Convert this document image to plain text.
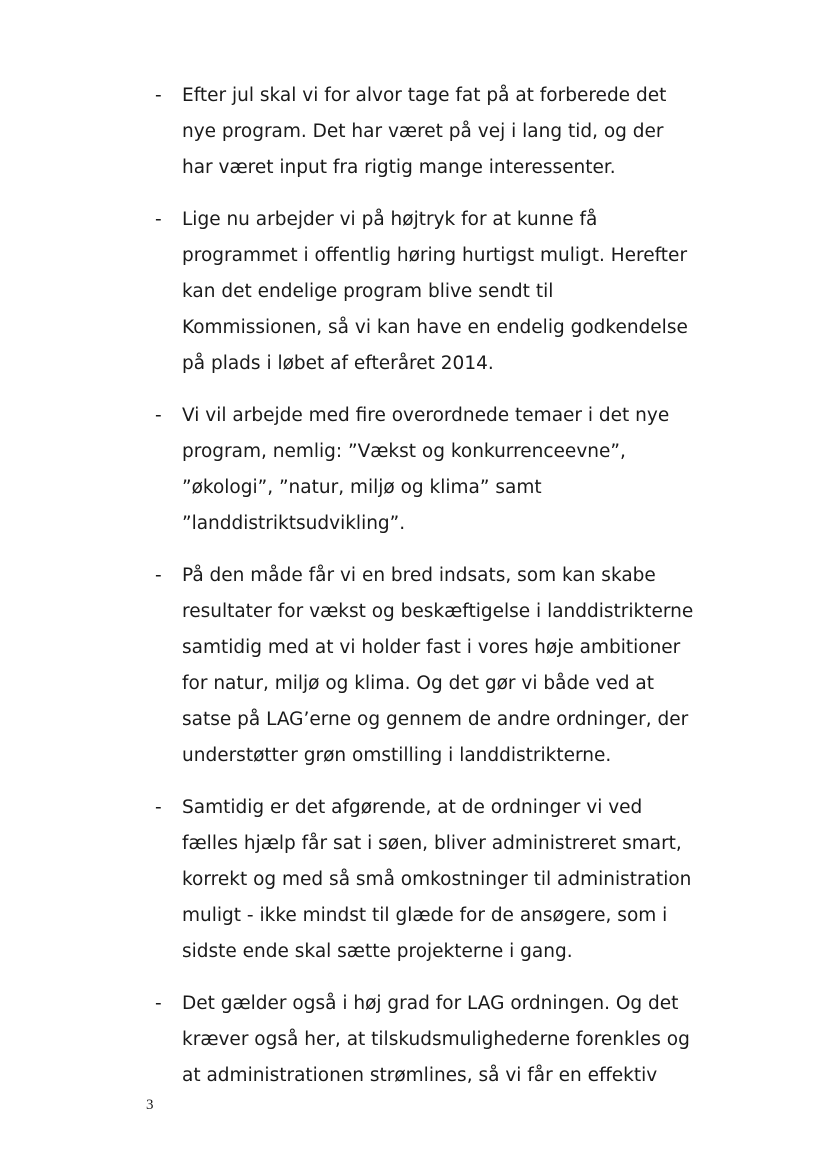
-	Efter jul skal vi for alvor tage fat på at forberede det
nye program. Det har været på vej i lang tid, og der
har været input fra rigtig mange interessenter.
-	Lige nu arbejder vi på højtryk for at kunne få
programmet i offentlig høring hurtigst muligt. Herefter
kan det endelige program blive sendt til
Kommissionen, så vi kan have en endelig godkendelse
på plads i løbet af efteråret 2014.
-	Vi vil arbejde med fire overordnede temaer i det nye
program, nemlig: ”Vækst og konkurrenceevne”,
”økologi”, ”natur, miljø og klima” samt
”landdistriktsudvikling”.
-	På den måde får vi en bred indsats, som kan skabe
resultater for vækst og beskæftigelse i landdistrikterne
samtidig med at vi holder fast i vores høje ambitioner
for natur, miljø og klima. Og det gør vi både ved at
satse på LAG’erne og gennem de andre ordninger, der
understøtter grøn omstilling i landdistrikterne.
-	Samtidig er det afgørende, at de ordninger vi ved
fælles hjælp får sat i søen, bliver administreret smart,
korrekt og med så små omkostninger til administration
muligt - ikke mindst til glæde for de ansøgere, som i
sidste ende skal sætte projekterne i gang.
-	Det gælder også i høj grad for LAG ordningen. Og det
kræver også her, at tilskudsmulighederne forenkles og
at administrationen strømlines, så vi får en effektiv
3
